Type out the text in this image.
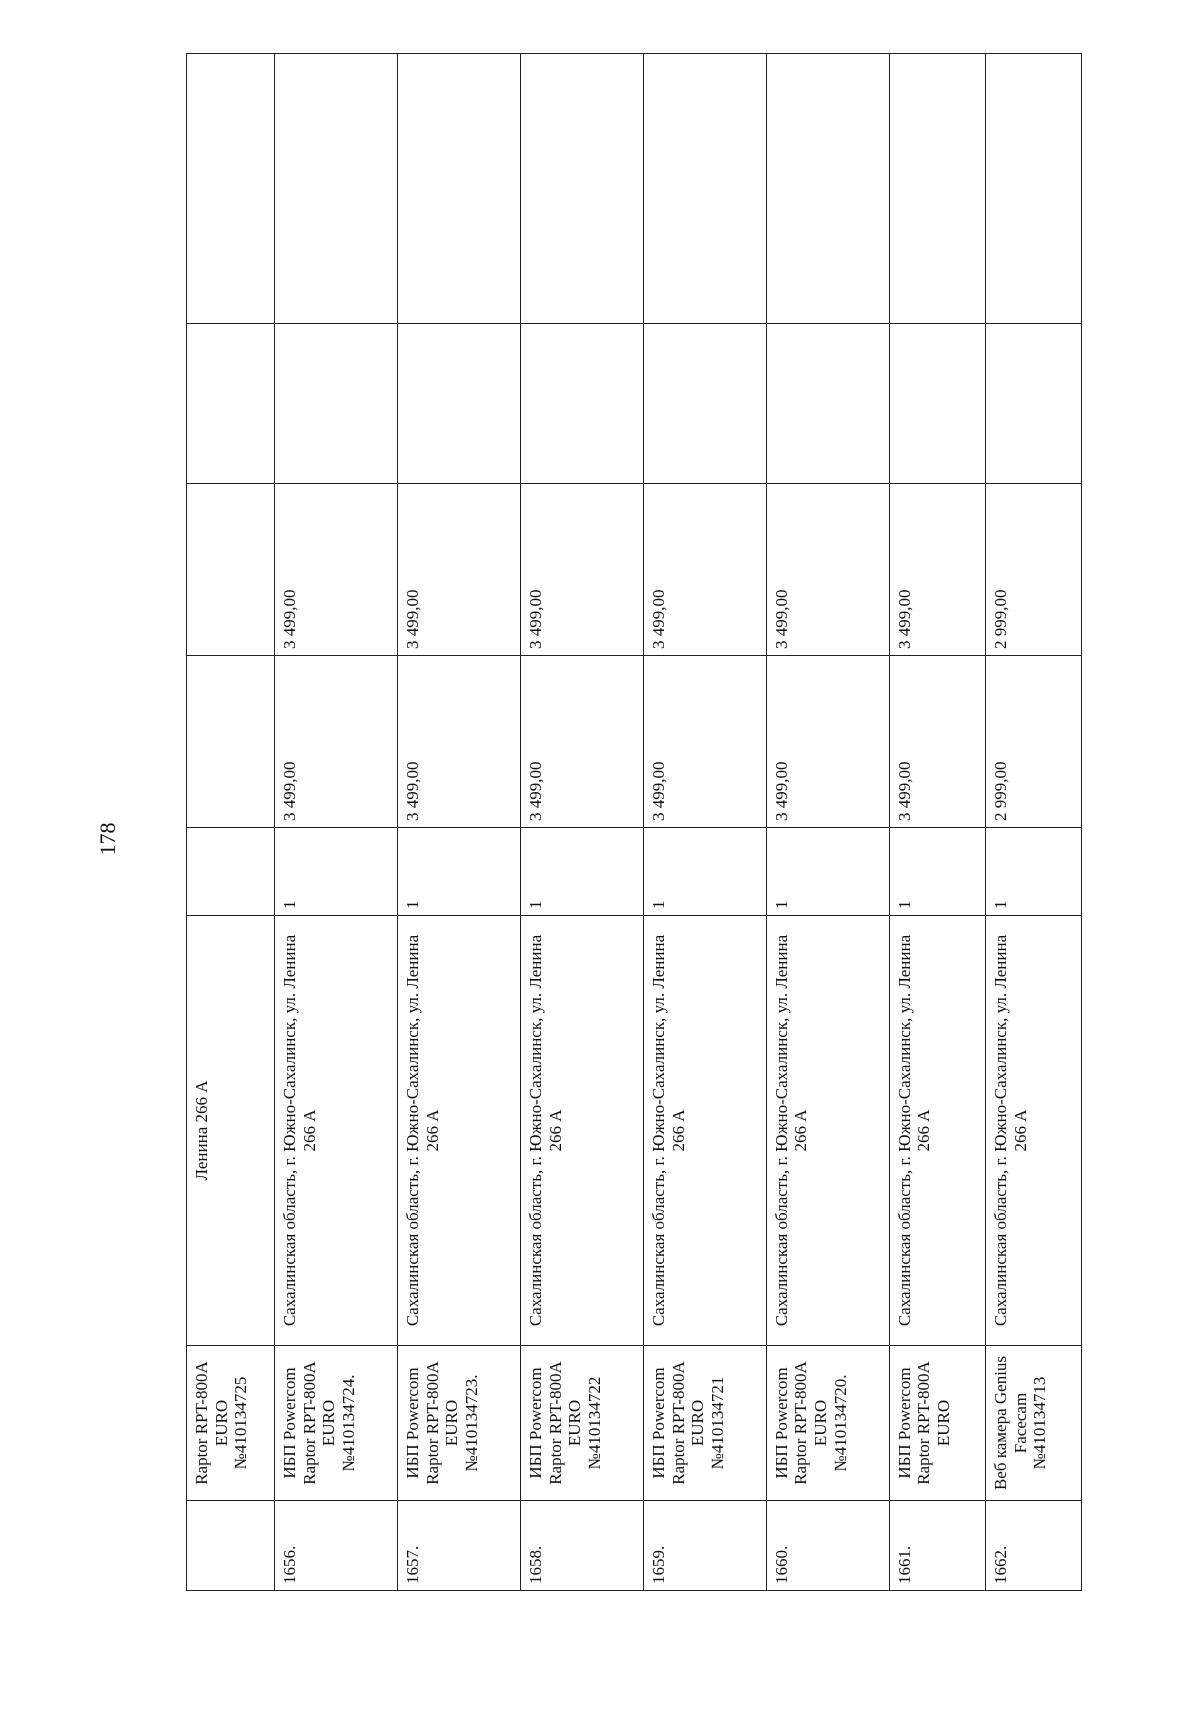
178
	Raptor RPT-800A EURO №410134725	Ленина 266 А					
1656.	ИБП Powercom Raptor RPT-800A EURO №410134724.	Сахалинская область, г. Южно-Сахалинск, ул. Ленина 266 А	1	3 499,00	3 499,00		
1657.	ИБП Powercom Raptor RPT-800A EURO №410134723.	Сахалинская область, г. Южно-Сахалинск, ул. Ленина 266 А	1	3 499,00	3 499,00		
1658.	ИБП Powercom Raptor RPT-800A EURO №410134722	Сахалинская область, г. Южно-Сахалинск, ул. Ленина 266 А	1	3 499,00	3 499,00		
1659.	ИБП Powercom Raptor RPT-800A EURO №410134721	Сахалинская область, г. Южно-Сахалинск, ул. Ленина 266 А	1	3 499,00	3 499,00		
1660.	ИБП Powercom Raptor RPT-800A EURO №410134720.	Сахалинская область, г. Южно-Сахалинск, ул. Ленина 266 А	1	3 499,00	3 499,00		
1661.	ИБП Powercom Raptor RPT-800A EURO	Сахалинская область, г. Южно-Сахалинск, ул. Ленина 266 А	1	3 499,00	3 499,00		
1662.	Веб камера Genius Facecam №410134713	Сахалинская область, г. Южно-Сахалинск, ул. Ленина 266 А	1	2 999,00	2 999,00		
